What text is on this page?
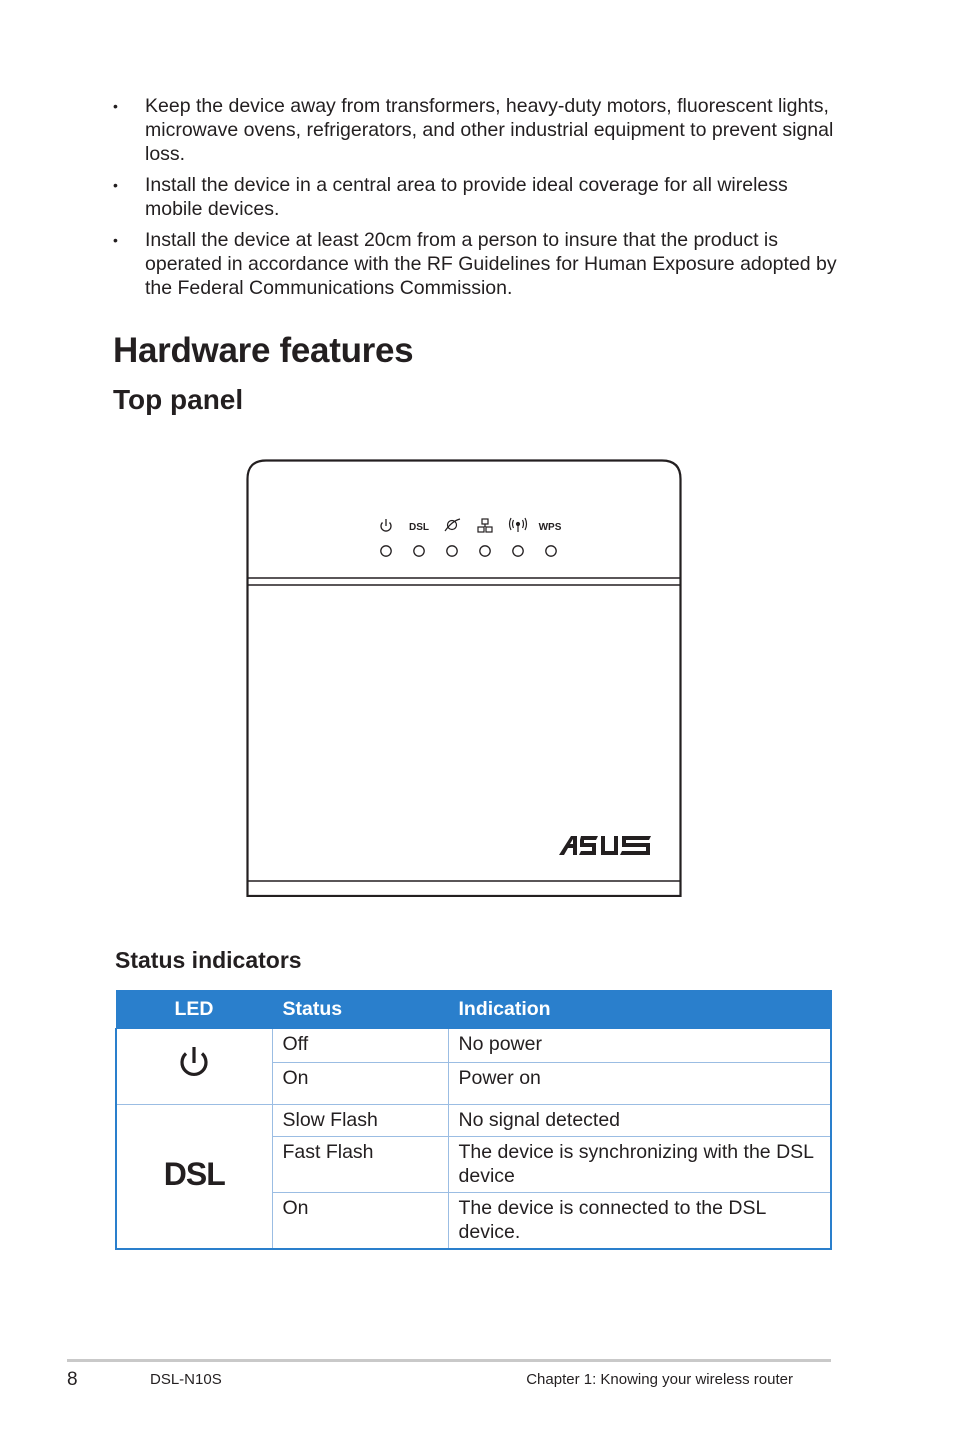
• Keep the device away from transformers, heavy-duty motors, fluorescent lights, microwave ovens, refrigerators, and other industrial equipment to prevent signal loss.
• Install the device in a central area to provide ideal coverage for all wireless mobile devices.
• Install the device at least 20cm from a person to insure that the product is operated in accordance with the RF Guidelines for Human Exposure adopted by the Federal Communications Commission.
Hardware features
Top panel
DSL	WPS
Status indicators
LED	Status	Indication
	Off	No power
	On	Power on
DSL	Slow Flash	No signal detected
	Fast Flash	The device is synchronizing with the DSL device
	On	The device is connected to the DSL device.
8	DSL-N10S	Chapter 1: Knowing your wireless router
